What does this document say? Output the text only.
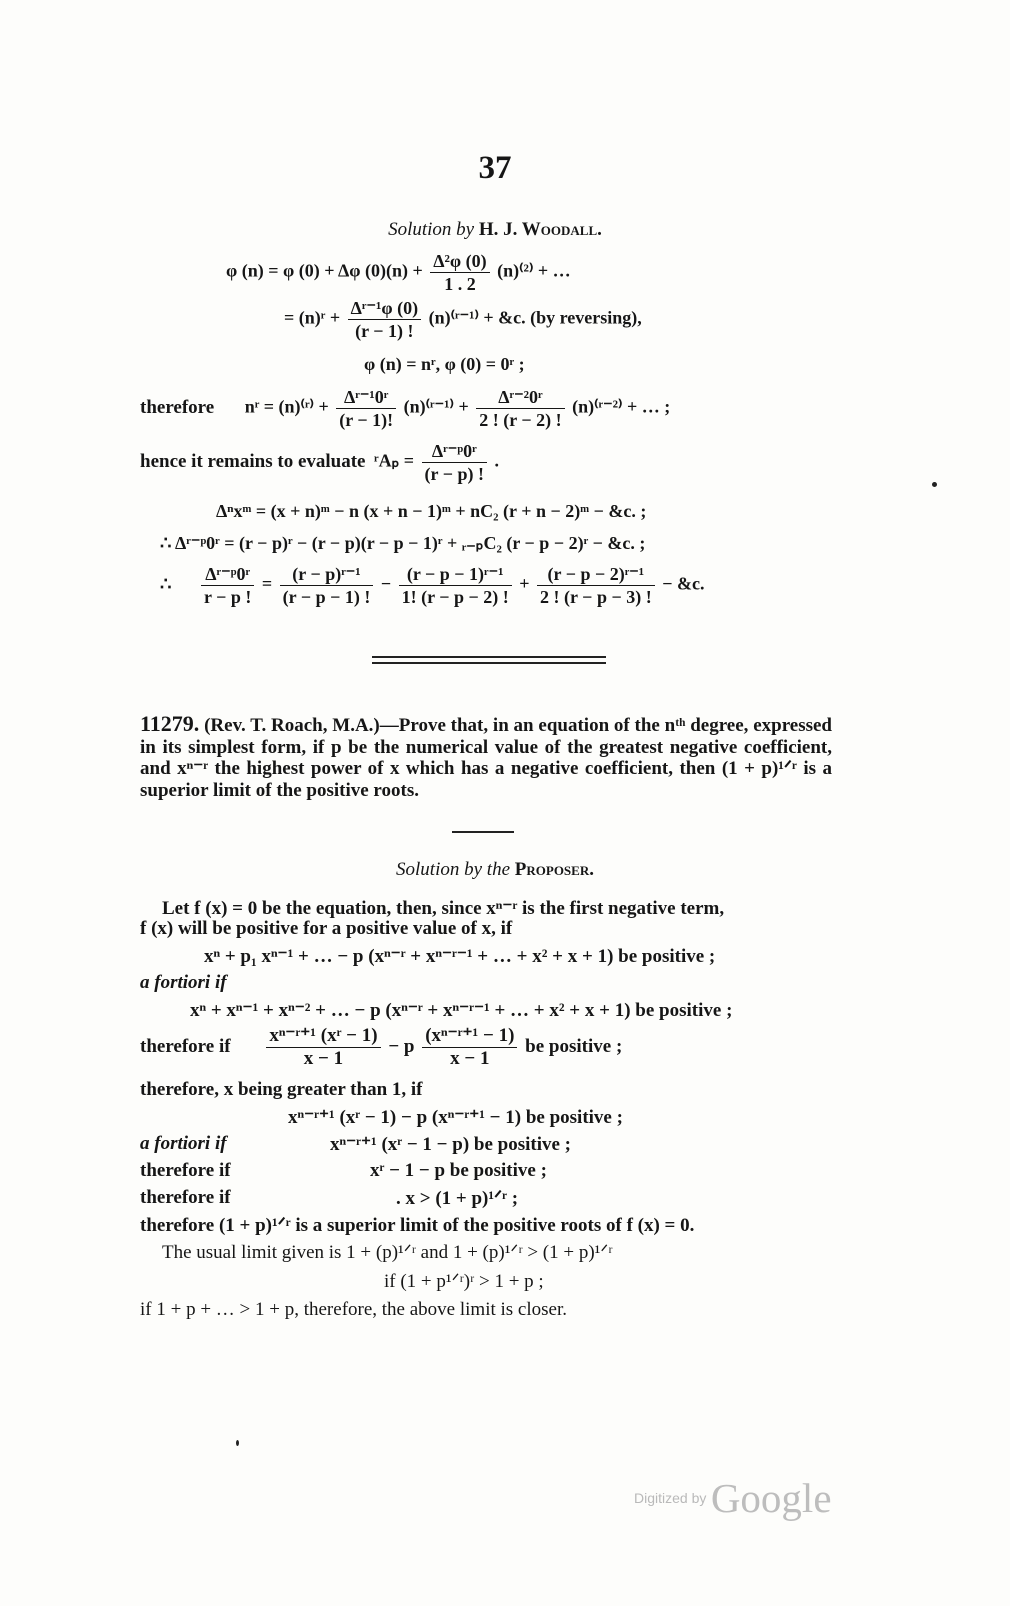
37
Solution by H. J. Woodall.
φ (n) = φ (0) + Δφ $(0)(n) + \frac{\text{Δ²φ (0)}}{1 . 2} (n)^{(2)}$ + …
= (n)ʳ + $\frac{\text{Δʳ⁻¹φ (0)}}{(r - 1) !}$ (n)⁽ʳ⁻¹⁾ + &c. (by reversing),
φ (n) = nʳ, φ (0) = 0ʳ ;
therefore nʳ = (n)⁽ʳ⁾ + $\frac{\text{Δʳ⁻¹0ʳ}}{(r - 1)!}$ (n)⁽ʳ⁻¹⁾ + $\frac{\text{Δʳ⁻²0ʳ}}{2 ! (r - 2) !}$ (n)⁽ʳ⁻²⁾ + … ;
hence it remains to evaluate ʳAₚ = $\frac{\text{Δʳ⁻ᵖ0ʳ}}{(r - p) !}$ .
Δⁿxᵐ = (x + n)ᵐ − n (x + n − 1)ᵐ + nC₂ (r + n − 2)ᵐ − &c. ;
∴ Δʳ⁻ᵖ0ʳ = (r − p)ʳ − (r − p)(r − p − 1)ʳ + ᵣ₋ₚC₂ (r − p − 2)ʳ − &c. ;
∴ $\frac{\text{Δʳ⁻ᵖ0ʳ}}{r - p !} = \frac{\text{(r − p)ʳ⁻¹}}{(r - p - 1) !} - \frac{\text{(r − p − 1)ʳ⁻¹}}{1! (r - p - 2) !} + \frac{\text{(r − p − 2)ʳ⁻¹}}{2 ! (r - p - 3) !}$ − &c.
11279. (Rev. T. Roach, M.A.)—Prove that, in an equation of the nᵗʰ degree, expressed in its simplest form, if p be the numerical value of the greatest negative coefficient, and xⁿ⁻ʳ the highest power of x which has a negative coefficient, then (1 + p)¹ᐟʳ is a superior limit of the positive roots.
Solution by the Proposer.
Let f (x) = 0 be the equation, then, since xⁿ⁻ʳ is the first negative term,
f (x) will be positive for a positive value of x, if
xⁿ + p₁ xⁿ⁻¹ + … − p (xⁿ⁻ʳ + xⁿ⁻ʳ⁻¹ + … + x² + x + 1) be positive ;
a fortiori if
xⁿ + xⁿ⁻¹ + xⁿ⁻² + … − p (xⁿ⁻ʳ + xⁿ⁻ʳ⁻¹ + … + x² + x + 1) be positive ;
therefore if $\frac{\text{xⁿ⁻ʳ⁺¹ (xʳ − 1)}}{x - 1} - p \frac{\text{(xⁿ⁻ʳ⁺¹ − 1)}}{x - 1}$ be positive ;
therefore, x being greater than 1, if
xⁿ⁻ʳ⁺¹ (xʳ − 1) − p (xⁿ⁻ʳ⁺¹ − 1) be positive ;
a fortiori if	xⁿ⁻ʳ⁺¹ (xʳ − 1 − p) be positive ;
therefore if	xʳ − 1 − p be positive ;
therefore if	. x > (1 + p)¹ᐟʳ ;
therefore (1 + p)¹ᐟʳ is a superior limit of the positive roots of f (x) = 0.
The usual limit given is 1 + (p)¹ᐟʳ and 1 + (p)¹ᐟʳ > (1 + p)¹ᐟʳ
if (1 + p¹ᐟʳ)ʳ > 1 + p ;
if 1 + p + … > 1 + p, therefore, the above limit is closer.
Digitized by Google
